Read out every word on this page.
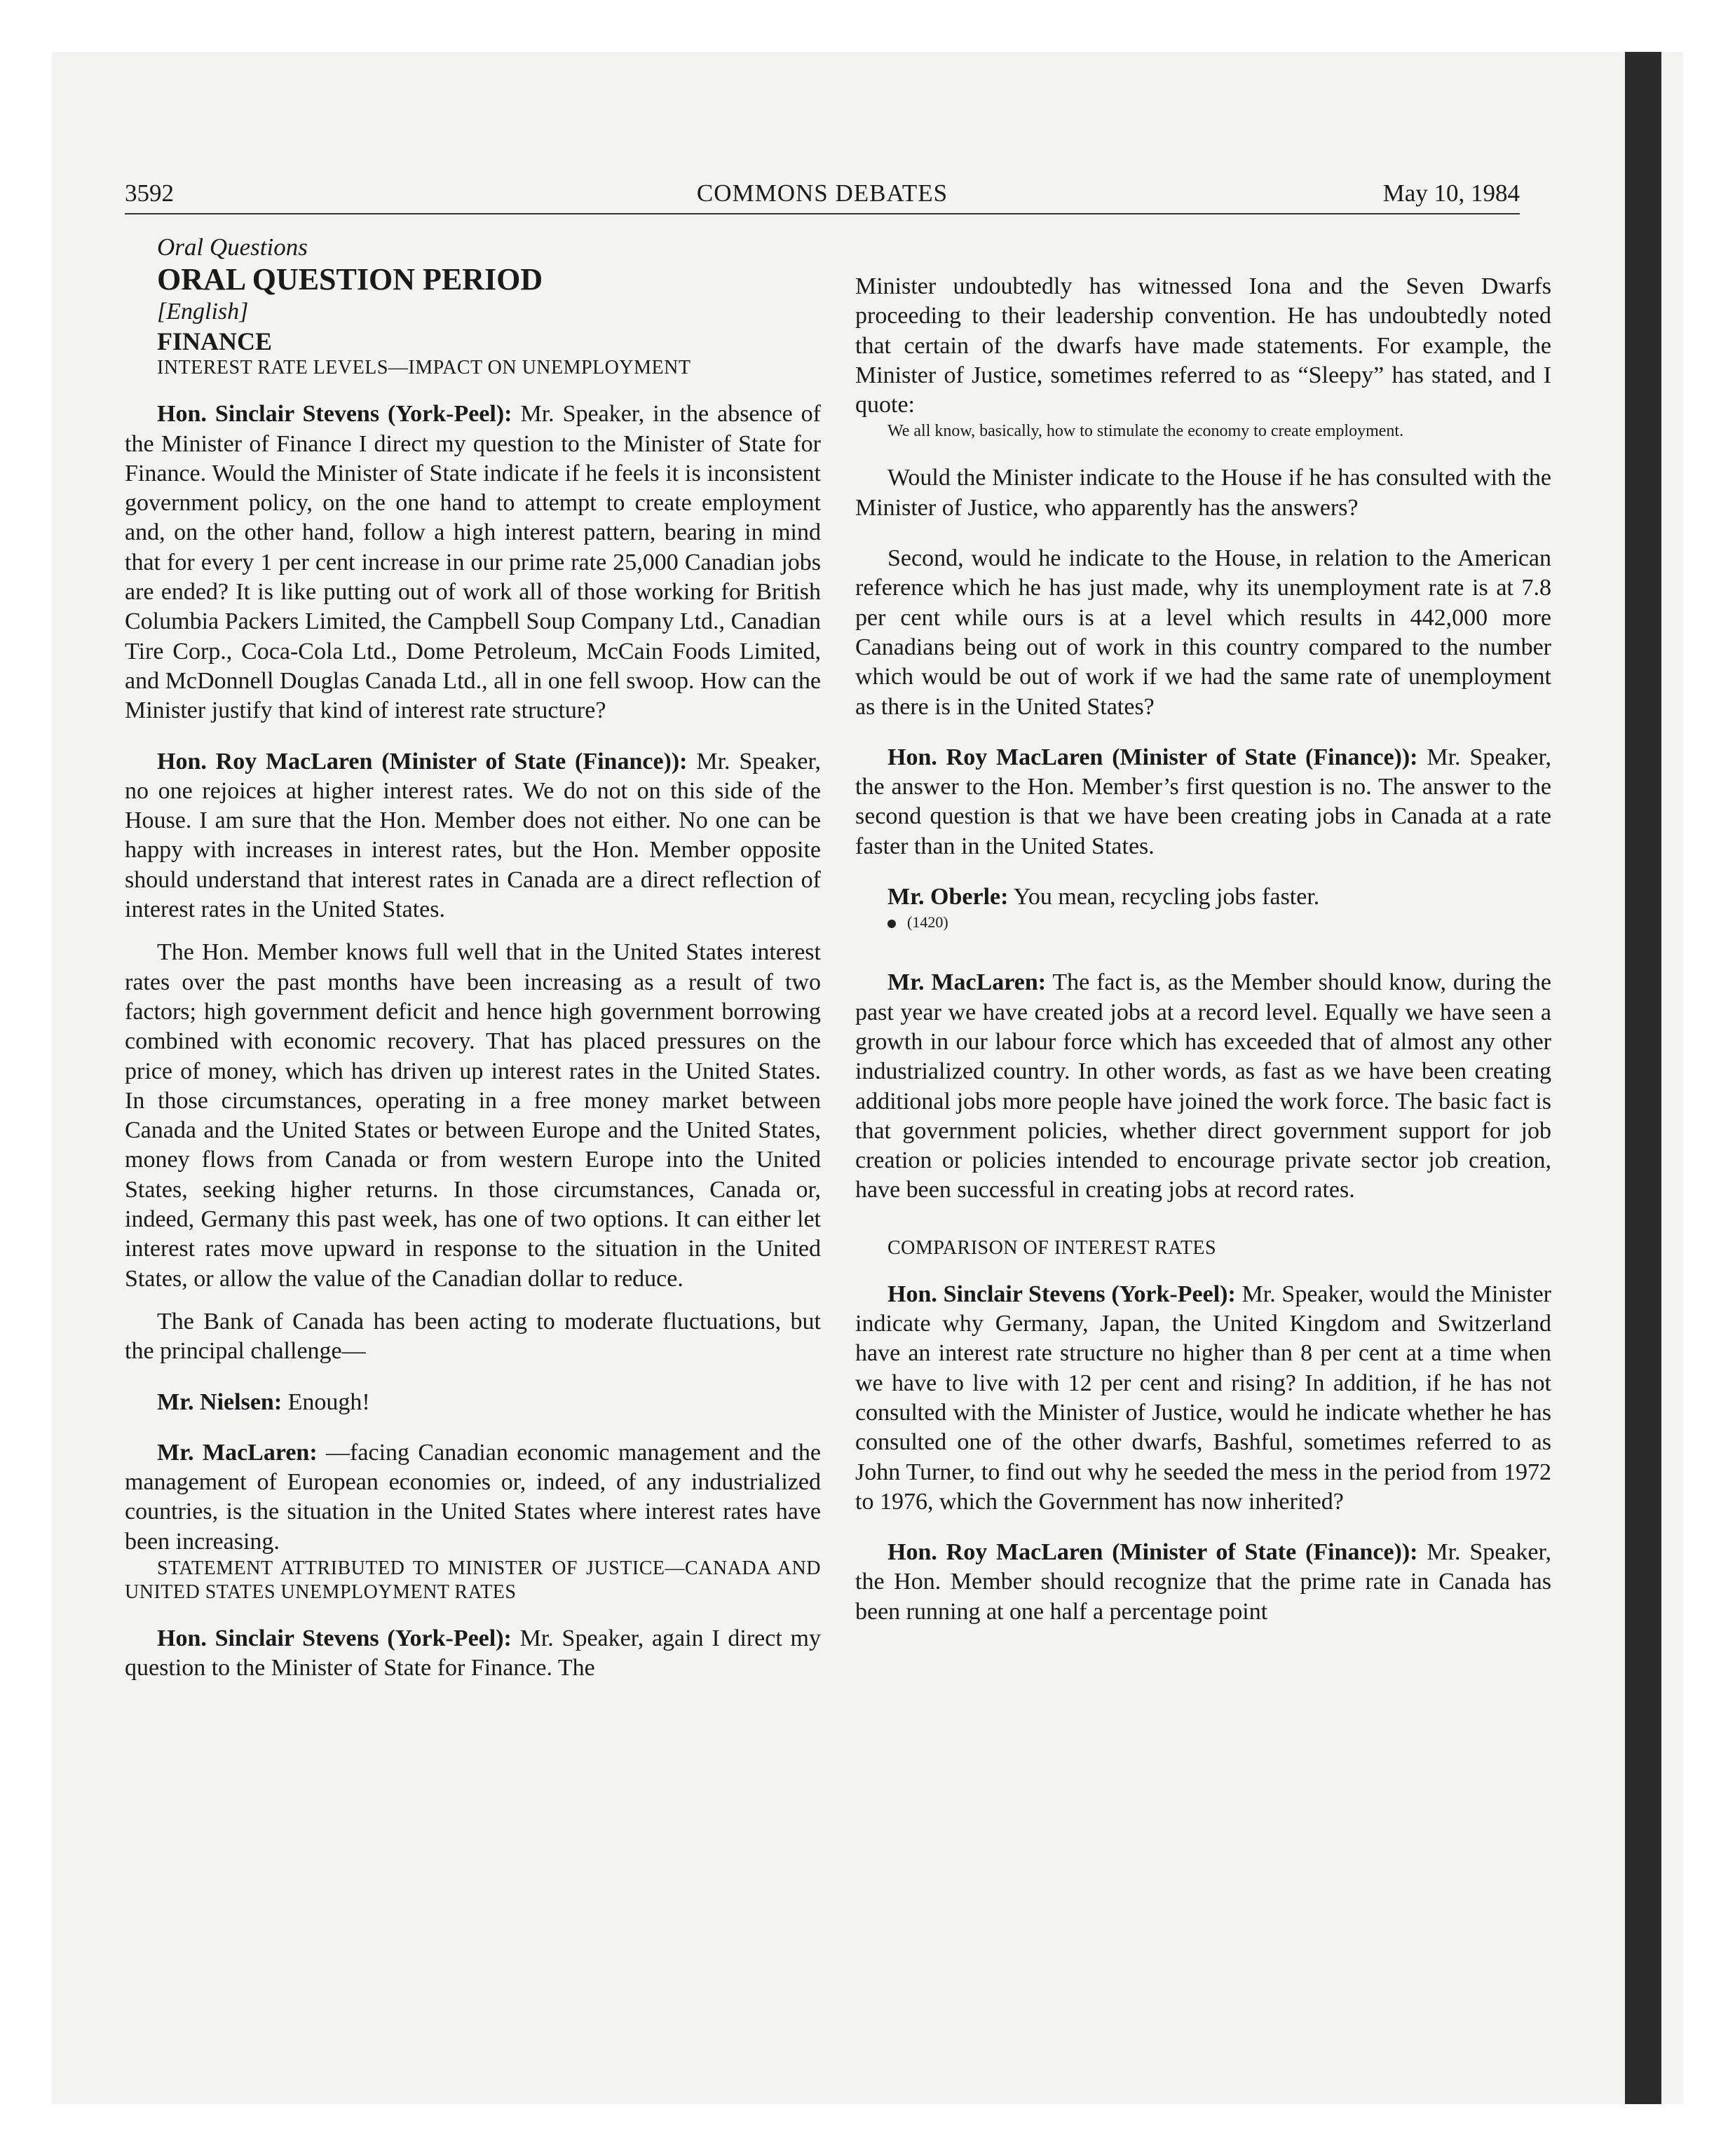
3592	COMMONS DEBATES	May 10, 1984

Oral Questions

ORAL QUESTION PERIOD

[English]

FINANCE

INTEREST RATE LEVELS—IMPACT ON UNEMPLOYMENT

Hon. Sinclair Stevens (York-Peel): Mr. Speaker, in the absence of the Minister of Finance I direct my question to the Minister of State for Finance. Would the Minister of State indicate if he feels it is inconsistent government policy, on the one hand to attempt to create employment and, on the other hand, follow a high interest pattern, bearing in mind that for every 1 per cent increase in our prime rate 25,000 Canadian jobs are ended? It is like putting out of work all of those working for British Columbia Packers Limited, the Campbell Soup Company Ltd., Canadian Tire Corp., Coca-Cola Ltd., Dome Petroleum, McCain Foods Limited, and McDonnell Douglas Canada Ltd., all in one fell swoop. How can the Minister justify that kind of interest rate structure?

Hon. Roy MacLaren (Minister of State (Finance)): Mr. Speaker, no one rejoices at higher interest rates. We do not on this side of the House. I am sure that the Hon. Member does not either. No one can be happy with increases in interest rates, but the Hon. Member opposite should understand that interest rates in Canada are a direct reflection of interest rates in the United States.

The Hon. Member knows full well that in the United States interest rates over the past months have been increasing as a result of two factors; high government deficit and hence high government borrowing combined with economic recovery. That has placed pressures on the price of money, which has driven up interest rates in the United States. In those circumstances, operating in a free money market between Canada and the United States or between Europe and the United States, money flows from Canada or from western Europe into the United States, seeking higher returns. In those circumstances, Canada or, indeed, Germany this past week, has one of two options. It can either let interest rates move upward in response to the situation in the United States, or allow the value of the Canadian dollar to reduce.

The Bank of Canada has been acting to moderate fluctuations, but the principal challenge—

Mr. Nielsen: Enough!

Mr. MacLaren: —facing Canadian economic management and the management of European economies or, indeed, of any industrialized countries, is the situation in the United States where interest rates have been increasing.

STATEMENT ATTRIBUTED TO MINISTER OF JUSTICE—CANADA AND UNITED STATES UNEMPLOYMENT RATES

Hon. Sinclair Stevens (York-Peel): Mr. Speaker, again I direct my question to the Minister of State for Finance. The

Minister undoubtedly has witnessed Iona and the Seven Dwarfs proceeding to their leadership convention. He has undoubtedly noted that certain of the dwarfs have made statements. For example, the Minister of Justice, sometimes referred to as “Sleepy” has stated, and I quote:

We all know, basically, how to stimulate the economy to create employment.

Would the Minister indicate to the House if he has consulted with the Minister of Justice, who apparently has the answers?

Second, would he indicate to the House, in relation to the American reference which he has just made, why its unemployment rate is at 7.8 per cent while ours is at a level which results in 442,000 more Canadians being out of work in this country compared to the number which would be out of work if we had the same rate of unemployment as there is in the United States?

Hon. Roy MacLaren (Minister of State (Finance)): Mr. Speaker, the answer to the Hon. Member’s first question is no. The answer to the second question is that we have been creating jobs in Canada at a rate faster than in the United States.

Mr. Oberle: You mean, recycling jobs faster.

(1420)

Mr. MacLaren: The fact is, as the Member should know, during the past year we have created jobs at a record level. Equally we have seen a growth in our labour force which has exceeded that of almost any other industrialized country. In other words, as fast as we have been creating additional jobs more people have joined the work force. The basic fact is that government policies, whether direct government support for job creation or policies intended to encourage private sector job creation, have been successful in creating jobs at record rates.

COMPARISON OF INTEREST RATES

Hon. Sinclair Stevens (York-Peel): Mr. Speaker, would the Minister indicate why Germany, Japan, the United Kingdom and Switzerland have an interest rate structure no higher than 8 per cent at a time when we have to live with 12 per cent and rising? In addition, if he has not consulted with the Minister of Justice, would he indicate whether he has consulted one of the other dwarfs, Bashful, sometimes referred to as John Turner, to find out why he seeded the mess in the period from 1972 to 1976, which the Government has now inherited?

Hon. Roy MacLaren (Minister of State (Finance)): Mr. Speaker, the Hon. Member should recognize that the prime rate in Canada has been running at one half a percentage point
